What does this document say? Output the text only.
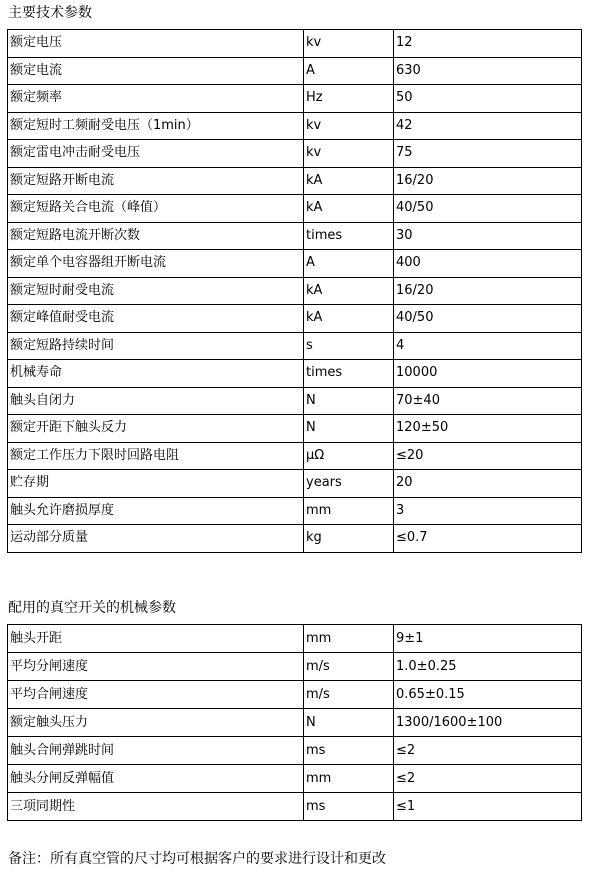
主要技术参数
额定电压	kv	12
额定电流	A	630
额定频率	Hz	50
额定短时工频耐受电压（1min）	kv	42
额定雷电冲击耐受电压	kv	75
额定短路开断电流	kA	16/20
额定短路关合电流（峰值）	kA	40/50
额定短路电流开断次数	times	30
额定单个电容器组开断电流	A	400
额定短时耐受电流	kA	16/20
额定峰值耐受电流	kA	40/50
额定短路持续时间	s	4
机械寿命	times	10000
触头自闭力	N	70±40
额定开距下触头反力	N	120±50
额定工作压力下限时回路电阻	μΩ	≤20
贮存期	years	20
触头允许磨损厚度	mm	3
运动部分质量	kg	≤0.7
配用的真空开关的机械参数
触头开距	mm	9±1
平均分闸速度	m/s	1.0±0.25
平均合闸速度	m/s	0.65±0.15
额定触头压力	N	1300/1600±100
触头合闸弹跳时间	ms	≤2
触头分闸反弹幅值	mm	≤2
三项同期性	ms	≤1
备注：所有真空管的尺寸均可根据客户的要求进行设计和更改
